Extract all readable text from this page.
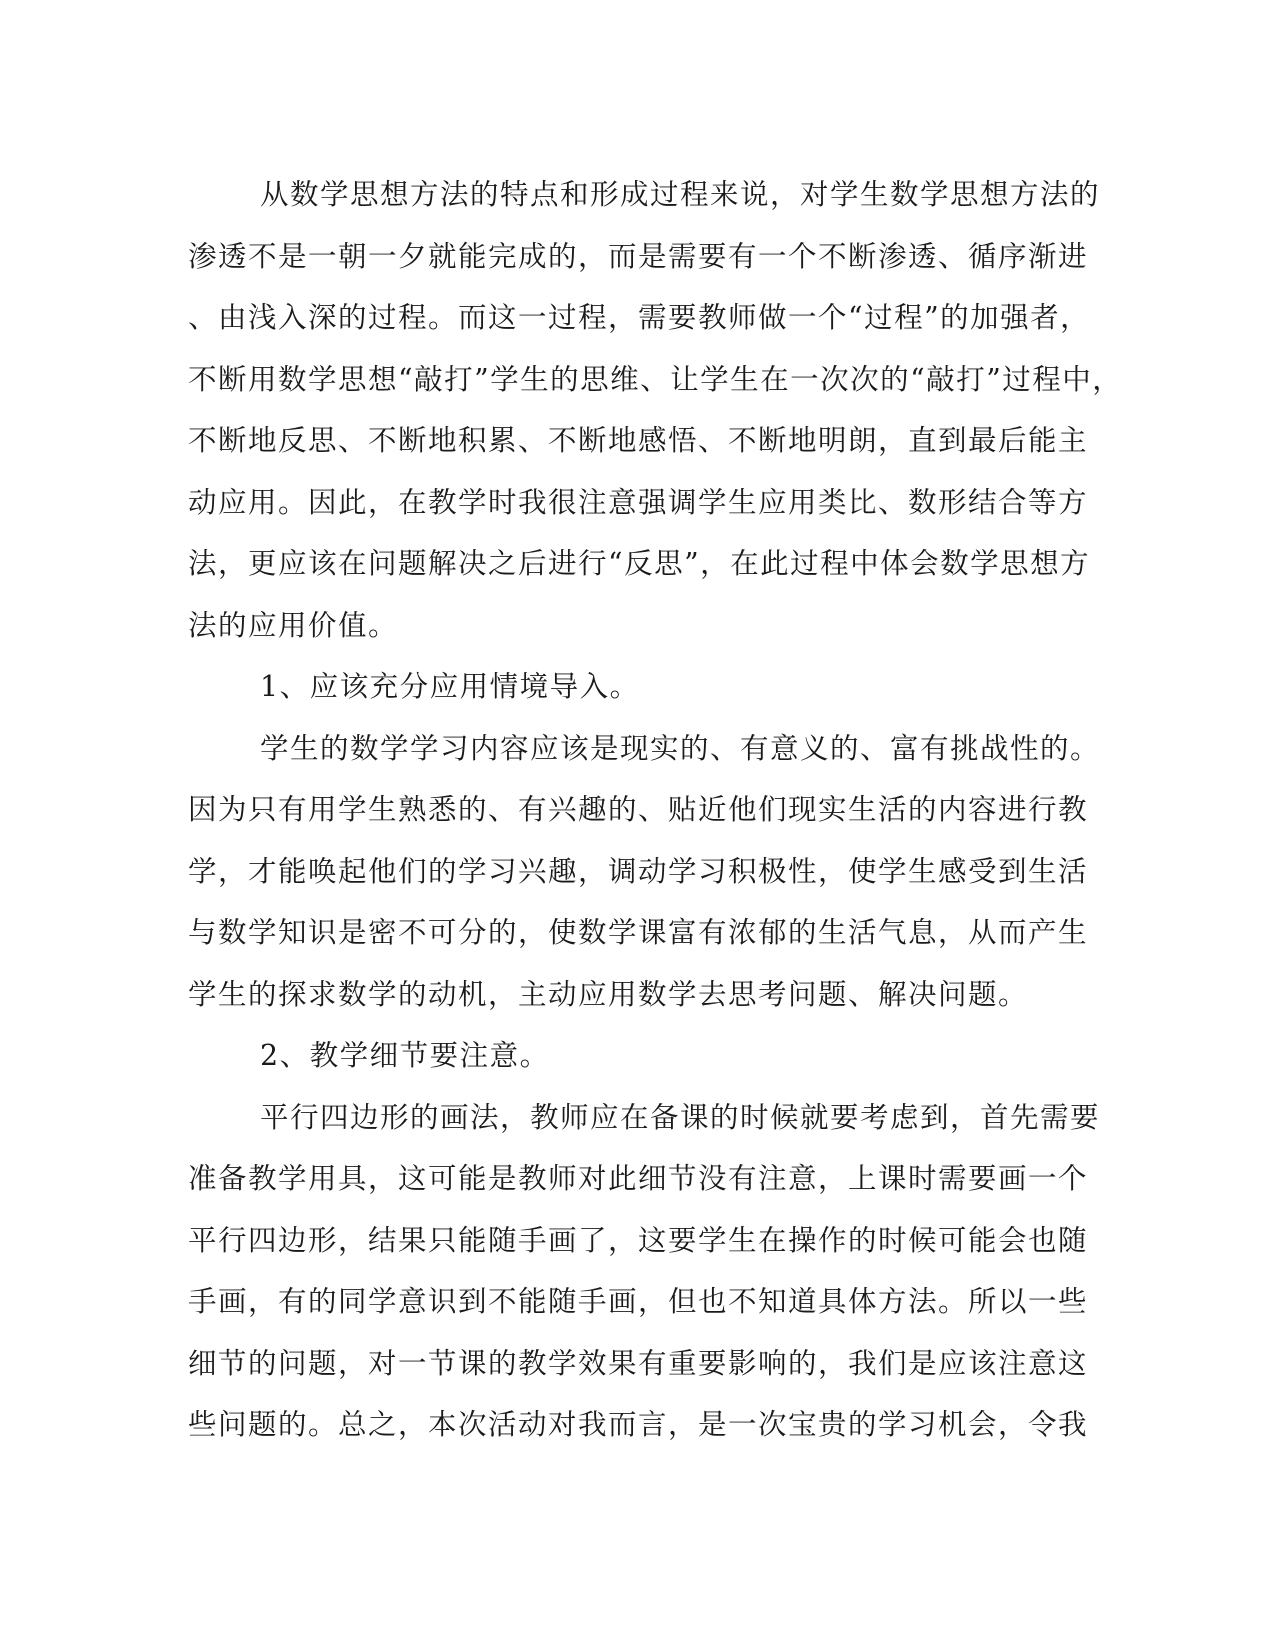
从数学思想方法的特点和形成过程来说，对学生数学思想方法的
渗透不是一朝一夕就能完成的，而是需要有一个不断渗透、循序渐进
、由浅入深的过程。而这一过程，需要教师做一个“过程”的加强者，
不断用数学思想“敲打”学生的思维、让学生在一次次的“敲打”过程中，
不断地反思、不断地积累、不断地感悟、不断地明朗，直到最后能主
动应用。因此，在教学时我很注意强调学生应用类比、数形结合等方
法，更应该在问题解决之后进行“反思”，在此过程中体会数学思想方
法的应用价值。
1、应该充分应用情境导入。
学生的数学学习内容应该是现实的、有意义的、富有挑战性的。
因为只有用学生熟悉的、有兴趣的、贴近他们现实生活的内容进行教
学，才能唤起他们的学习兴趣，调动学习积极性，使学生感受到生活
与数学知识是密不可分的，使数学课富有浓郁的生活气息，从而产生
学生的探求数学的动机，主动应用数学去思考问题、解决问题。
2、教学细节要注意。
平行四边形的画法，教师应在备课的时候就要考虑到，首先需要
准备教学用具，这可能是教师对此细节没有注意，上课时需要画一个
平行四边形，结果只能随手画了，这要学生在操作的时候可能会也随
手画，有的同学意识到不能随手画，但也不知道具体方法。所以一些
细节的问题，对一节课的教学效果有重要影响的，我们是应该注意这
些问题的。总之，本次活动对我而言，是一次宝贵的学习机会，令我
